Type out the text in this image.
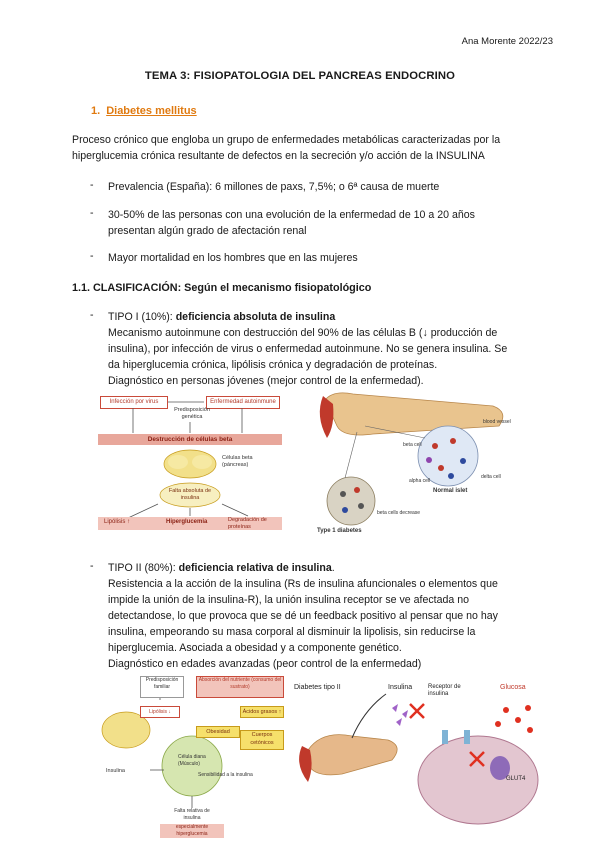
Ana Morente 2022/23
TEMA 3: FISIOPATOLOGIA DEL PANCREAS ENDOCRINO
1. Diabetes mellitus
Proceso crónico que engloba un grupo de enfermedades metabólicas caracterizadas por la
hiperglucemia crónica resultante de defectos en la secreción y/o acción de la INSULINA
- Prevalencia (España): 6 millones de paxs, 7,5%; o 6ª causa de muerte
- 30-50% de las personas con una evolución de la enfermedad de 10 a 20 años
presentan algún grado de afectación renal
- Mayor mortalidad en los hombres que en las mujeres
1.1. CLASIFICACIÓN: Según el mecanismo fisiopatológico
- TIPO I (10%): deficiencia absoluta de insulina
Mecanismo autoinmune con destrucción del 90% de las células Β (↓ producción de
insulina), por infección de virus o enfermedad autoinmune. No se genera insulina. Se
da hiperglucemia crónica, lipólisis crónica y degradación de proteínas.
Diagnóstico en personas jóvenes (mejor control de la enfermedad).
Infección por virus	Enfermedad autoinmune
Predisposición genética
Destrucción de células beta
Células beta (páncreas)
Falta absoluta de insulina
Lipólisis ↑	Hiperglucemia	Degradación de proteínas
blood vessel
beta cell
delta cell
alpha cell
Normal islet
beta cells decrease
Type 1 diabetes
- TIPO II (80%): deficiencia relativa de insulina.
Resistencia a la acción de la insulina (Rs de insulina afuncionales o elementos que
impide la unión de la insulina-R), la unión insulina receptor se ve afectada no
detectandose, lo que provoca que se dé un feedback positivo al pensar que no hay
insulina, empeorando su masa corporal al disminuir la lipolisis, sin reducirse la
hiperglucemia. Asociada a obesidad y a componente genético.
Diagnóstico en edades avanzadas (peor control de la enfermedad)
Predisposición familiar
Absorción del nutriente (consumo del sustrato)
Lipólisis ↓
Obesidad
Ácidos grasos ↑
Cuerpos cetónicos
Insulina
Célula diana (Músculo)
Sensibilidad a la insulina
Falta relativa de insulina
especialmente hiperglucemia
Diabetes tipo II	Insulina	Receptor de insulina
Glucosa
GLUT4
